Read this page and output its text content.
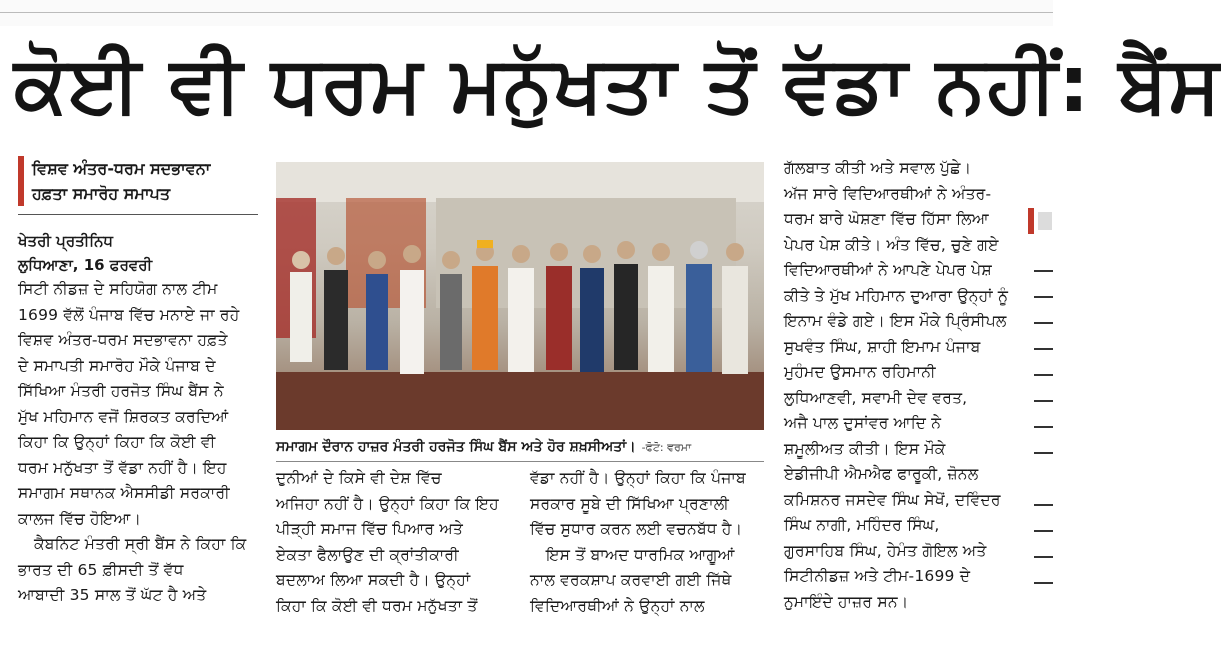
ਕੋਈ ਵੀ ਧਰਮ ਮਨੁੱਖਤਾ ਤੋਂ ਵੱਡਾ ਨਹੀਂ: ਬੈਂਸ
ਵਿਸ਼ਵ ਅੰਤਰ-ਧਰਮ ਸਦਭਾਵਨਾ
ਹਫ਼ਤਾ ਸਮਾਰੋਹ ਸਮਾਪਤ
ਖੇਤਰੀ ਪ੍ਰਤੀਨਿਧ
ਲੁਧਿਆਣਾ, 16 ਫਰਵਰੀ
ਸਿਟੀ ਨੀਡਜ਼ ਦੇ ਸਹਿਯੋਗ ਨਾਲ ਟੀਮ
1699 ਵੱਲੋਂ ਪੰਜਾਬ ਵਿੱਚ ਮਨਾਏ ਜਾ ਰਹੇ
ਵਿਸ਼ਵ ਅੰਤਰ-ਧਰਮ ਸਦਭਾਵਨਾ ਹਫ਼ਤੇ
ਦੇ ਸਮਾਪਤੀ ਸਮਾਰੋਹ ਮੌਕੇ ਪੰਜਾਬ ਦੇ
ਸਿੱਖਿਆ ਮੰਤਰੀ ਹਰਜੋਤ ਸਿੰਘ ਬੈਂਸ ਨੇ
ਮੁੱਖ ਮਹਿਮਾਨ ਵਜੋਂ ਸ਼ਿਰਕਤ ਕਰਦਿਆਂ
ਕਿਹਾ ਕਿ ਉਨ੍ਹਾਂ ਕਿਹਾ ਕਿ ਕੋਈ ਵੀ
ਧਰਮ ਮਨੁੱਖਤਾ ਤੋਂ ਵੱਡਾ ਨਹੀਂ ਹੈ। ਇਹ
ਸਮਾਗਮ ਸਥਾਨਕ ਐਸਸੀਡੀ ਸਰਕਾਰੀ
ਕਾਲਜ ਵਿੱਚ ਹੋਇਆ।
ਕੈਬਨਿਟ ਮੰਤਰੀ ਸ੍ਰੀ ਬੈਂਸ ਨੇ ਕਿਹਾ ਕਿ
ਭਾਰਤ ਦੀ 65 ਫ਼ੀਸਦੀ ਤੋਂ ਵੱਧ
ਆਬਾਦੀ 35 ਸਾਲ ਤੋਂ ਘੱਟ ਹੈ ਅਤੇ
ਸਮਾਗਮ ਦੌਰਾਨ ਹਾਜ਼ਰ ਮੰਤਰੀ ਹਰਜੋਤ ਸਿੰਘ ਬੈਂਸ ਅਤੇ ਹੋਰ ਸ਼ਖ਼ਸੀਅਤਾਂ। -ਫੋਟੋ: ਵਰਮਾ
ਦੁਨੀਆਂ ਦੇ ਕਿਸੇ ਵੀ ਦੇਸ਼ ਵਿੱਚ
ਅਜਿਹਾ ਨਹੀਂ ਹੈ। ਉਨ੍ਹਾਂ ਕਿਹਾ ਕਿ ਇਹ
ਪੀੜ੍ਹੀ ਸਮਾਜ ਵਿੱਚ ਪਿਆਰ ਅਤੇ
ਏਕਤਾ ਫੈਲਾਉਣ ਦੀ ਕ੍ਰਾਂਤੀਕਾਰੀ
ਬਦਲਾਅ ਲਿਆ ਸਕਦੀ ਹੈ। ਉਨ੍ਹਾਂ
ਕਿਹਾ ਕਿ ਕੋਈ ਵੀ ਧਰਮ ਮਨੁੱਖਤਾ ਤੋਂ
ਵੱਡਾ ਨਹੀਂ ਹੈ। ਉਨ੍ਹਾਂ ਕਿਹਾ ਕਿ ਪੰਜਾਬ
ਸਰਕਾਰ ਸੂਬੇ ਦੀ ਸਿੱਖਿਆ ਪ੍ਰਣਾਲੀ
ਵਿੱਚ ਸੁਧਾਰ ਕਰਨ ਲਈ ਵਚਨਬੱਧ ਹੈ।
ਇਸ ਤੋਂ ਬਾਅਦ ਧਾਰਮਿਕ ਆਗੂਆਂ
ਨਾਲ ਵਰਕਸ਼ਾਪ ਕਰਵਾਈ ਗਈ ਜਿੱਥੇ
ਵਿਦਿਆਰਥੀਆਂ ਨੇ ਉਨ੍ਹਾਂ ਨਾਲ
ਗੱਲਬਾਤ ਕੀਤੀ ਅਤੇ ਸਵਾਲ ਪੁੱਛੇ।
ਅੱਜ ਸਾਰੇ ਵਿਦਿਆਰਥੀਆਂ ਨੇ ਅੰਤਰ-
ਧਰਮ ਬਾਰੇ ਘੋਸ਼ਣਾ ਵਿੱਚ ਹਿੱਸਾ ਲਿਆ
ਪੇਪਰ ਪੇਸ਼ ਕੀਤੇ। ਅੰਤ ਵਿੱਚ, ਚੁਣੇ ਗਏ
ਵਿਦਿਆਰਥੀਆਂ ਨੇ ਆਪਣੇ ਪੇਪਰ ਪੇਸ਼
ਕੀਤੇ ਤੇ ਮੁੱਖ ਮਹਿਮਾਨ ਦੁਆਰਾ ਉਨ੍ਹਾਂ ਨੂੰ
ਇਨਾਮ ਵੰਡੇ ਗਏ। ਇਸ ਮੌਕੇ ਪ੍ਰਿੰਸੀਪਲ
ਸੁਖਵੰਤ ਸਿੰਘ, ਸ਼ਾਹੀ ਇਮਾਮ ਪੰਜਾਬ
ਮੁਹੰਮਦ ਉਸਮਾਨ ਰਹਿਮਾਨੀ
ਲੁਧਿਆਣਵੀ, ਸਵਾਮੀ ਦੇਵ ਵਰਤ,
ਅਜੈ ਪਾਲ ਦੁਸਾਂਵਰ ਆਦਿ ਨੇ
ਸ਼ਮੂਲੀਅਤ ਕੀਤੀ। ਇਸ ਮੌਕੇ
ਏਡੀਜੀਪੀ ਐਮਐਫ ਫਾਰੂਕੀ, ਜ਼ੋਨਲ
ਕਮਿਸ਼ਨਰ ਜਸਦੇਵ ਸਿੰਘ ਸੇਖੋਂ, ਦਵਿੰਦਰ
ਸਿੰਘ ਨਾਗੀ, ਮਹਿੰਦਰ ਸਿੰਘ,
ਗੁਰਸਾਹਿਬ ਸਿੰਘ, ਹੇਮੰਤ ਗੋਇਲ ਅਤੇ
ਸਿਟੀਨੀਡਜ਼ ਅਤੇ ਟੀਮ-1699 ਦੇ
ਨੁਮਾਇੰਦੇ ਹਾਜ਼ਰ ਸਨ।
